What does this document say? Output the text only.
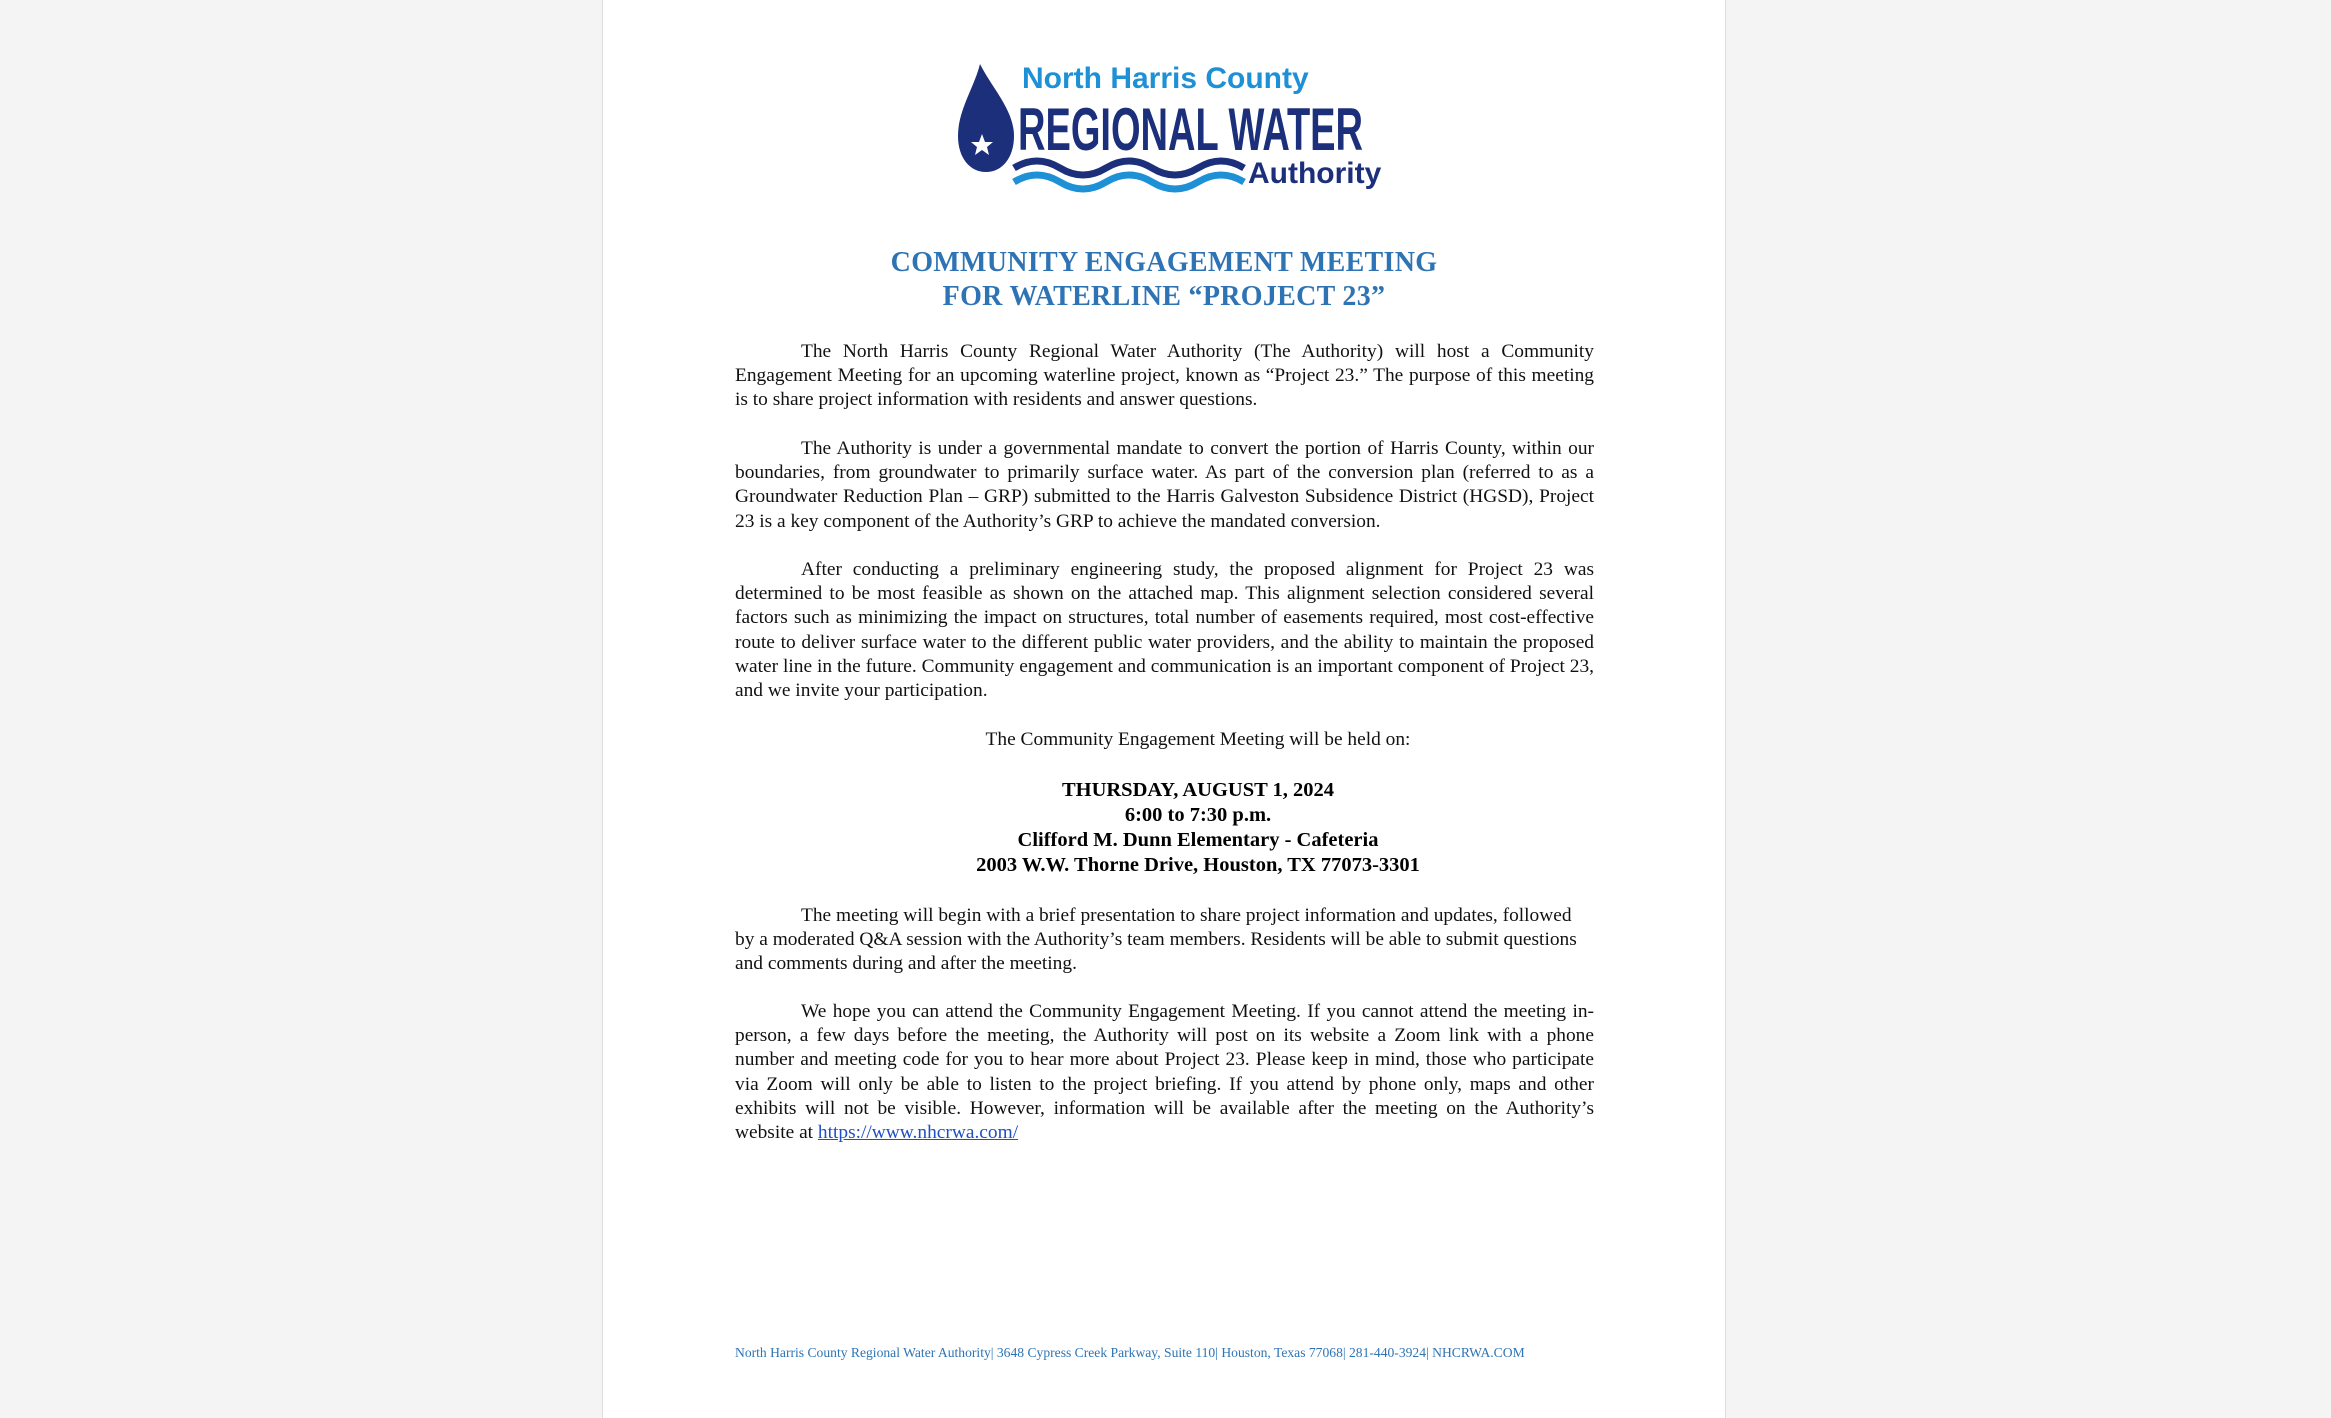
North Harris County
REGIONAL WATER
Authority
COMMUNITY ENGAGEMENT MEETING
FOR WATERLINE “PROJECT 23”

The North Harris County Regional Water Authority (The Authority) will host a Community Engagement Meeting for an upcoming waterline project, known as “Project 23.” The purpose of this meeting is to share project information with residents and answer questions.

The Authority is under a governmental mandate to convert the portion of Harris County, within our boundaries, from groundwater to primarily surface water. As part of the conversion plan (referred to as a Groundwater Reduction Plan – GRP) submitted to the Harris Galveston Subsidence District (HGSD), Project 23 is a key component of the Authority’s GRP to achieve the mandated conversion.

After conducting a preliminary engineering study, the proposed alignment for Project 23 was determined to be most feasible as shown on the attached map. This alignment selection considered several factors such as minimizing the impact on structures, total number of easements required, most cost-effective route to deliver surface water to the different public water providers, and the ability to maintain the proposed water line in the future. Community engagement and communication is an important component of Project 23, and we invite your participation.

The Community Engagement Meeting will be held on:
THURSDAY, AUGUST 1, 2024
6:00 to 7:30 p.m.
Clifford M. Dunn Elementary - Cafeteria
2003 W.W. Thorne Drive, Houston, TX 77073-3301

The meeting will begin with a brief presentation to share project information and updates, followed by a moderated Q&A session with the Authority’s team members. Residents will be able to submit questions and comments during and after the meeting.

We hope you can attend the Community Engagement Meeting. If you cannot attend the meeting in-person, a few days before the meeting, the Authority will post on its website a Zoom link with a phone number and meeting code for you to hear more about Project 23. Please keep in mind, those who participate via Zoom will only be able to listen to the project briefing. If you attend by phone only, maps and other exhibits will not be visible. However, information will be available after the meeting on the Authority’s website at https://www.nhcrwa.com/

North Harris County Regional Water Authority| 3648 Cypress Creek Parkway, Suite 110| Houston, Texas 77068| 281-440-3924| NHCRWA.COM
